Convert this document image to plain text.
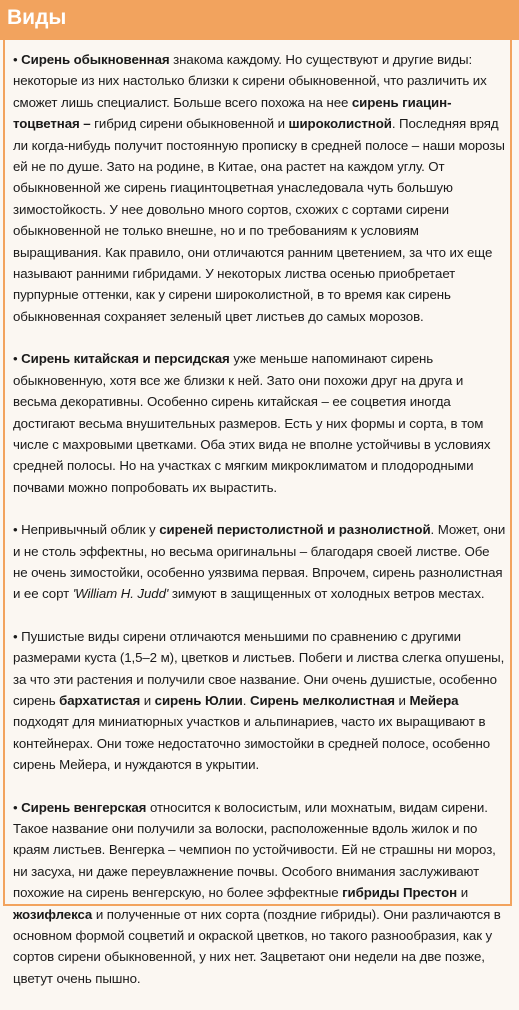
Виды

• Сирень обыкновенная знакома каждому. Но существуют и другие виды: некоторые из них настолько близки к сирени обыкновенной, что различить их сможет лишь специалист. Больше всего похожа на нее сирень гиацин-тоцветная – гибрид сирени обыкновенной и широколистной. Последняя вряд ли когда-нибудь получит постоянную прописку в средней полосе – наши морозы ей не по душе. Зато на родине, в Китае, она растет на каждом углу. От обыкновенной же сирень гиацинтоцветная унаследовала чуть большую зимостойкость. У нее довольно много сортов, схожих с сортами сирени обыкновенной не только внешне, но и по требованиям к условиям выращивания. Как правило, они отличаются ранним цветением, за что их еще называют ранними гибридами. У некоторых листва осенью приобретает пурпурные оттенки, как у сирени широколистной, в то время как сирень обыкновенная сохраняет зеленый цвет листьев до самых морозов.

• Сирень китайская и персидская уже меньше напоминают сирень обыкновенную, хотя все же близки к ней. Зато они похожи друг на друга и весьма декоративны. Особенно сирень китайская – ее соцветия иногда достигают весьма внушительных размеров. Есть у них формы и сорта, в том числе с махровыми цветками. Оба этих вида не вполне устойчивы в условиях средней полосы. Но на участках с мягким микроклиматом и плодородными почвами можно попробовать их вырастить.

• Непривычный облик у сиреней перистолистной и разнолистной. Может, они и не столь эффектны, но весьма оригинальны – благодаря своей листве. Обе не очень зимостойки, особенно уязвима первая. Впрочем, сирень разнолистная и ее сорт 'William H. Judd' зимуют в защищенных от холодных ветров местах.

• Пушистые виды сирени отличаются меньшими по сравнению с другими размерами куста (1,5–2 м), цветков и листьев. Побеги и листва слегка опушены, за что эти растения и получили свое название. Они очень душистые, особенно сирень бархатистая и сирень Юлии. Сирень мелколистная и Мейера подходят для миниатюрных участков и альпинариев, часто их выращивают в контейнерах. Они тоже недостаточно зимостойки в средней полосе, особенно сирень Мейера, и нуждаются в укрытии.

• Сирень венгерская относится к волосистым, или мохнатым, видам сирени. Такое название они получили за волоски, расположенные вдоль жилок и по краям листьев. Венгерка – чемпион по устойчивости. Ей не страшны ни мороз, ни засуха, ни даже переувлажнение почвы. Особого внимания заслуживают похожие на сирень венгерскую, но более эффектные гибриды Престон и жозифлекса и полученные от них сорта (поздние гибриды). Они различаются в основном формой соцветий и окраской цветков, но такого разнообразия, как у сортов сирени обыкновенной, у них нет. Зацветают они недели на две позже, цветут очень пышно.
